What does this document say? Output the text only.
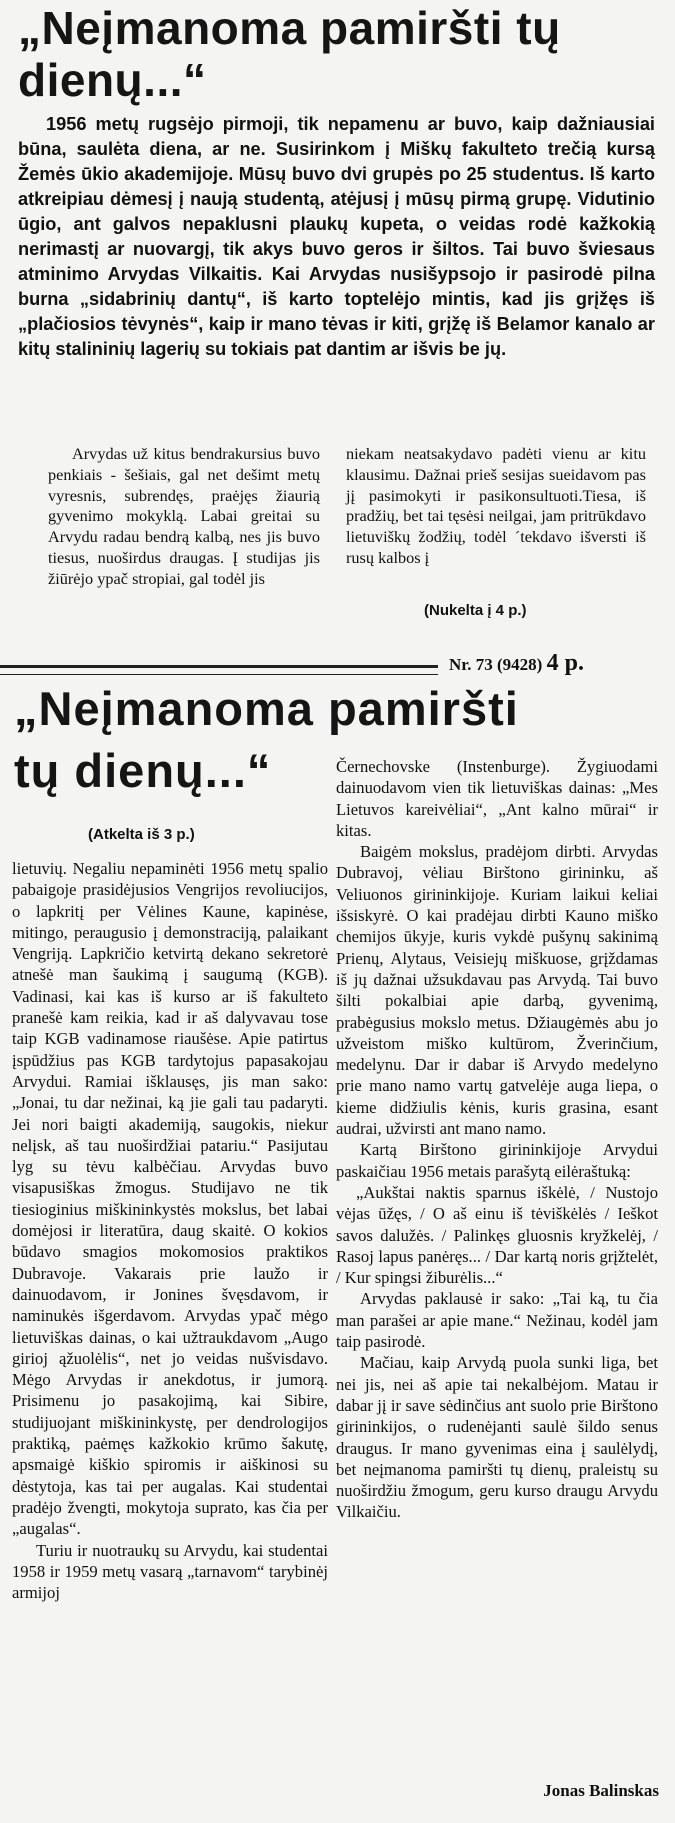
„Neįmanoma pamiršti tų dienų...“

1956 metų rugsėjo pirmoji, tik nepamenu ar buvo, kaip dažniausiai būna, saulėta diena, ar ne. Susirinkom į Miškų fakulteto trečią kursą Žemės ūkio akademijoje. Mūsų buvo dvi grupės po 25 studentus. Iš karto atkreipiau dėmesį į naują studentą, atėjusį į mūsų pirmą grupę. Vidutinio ūgio, ant galvos nepaklusni plaukų kupeta, o veidas rodė kažkokią nerimastį ar nuovargį, tik akys buvo geros ir šiltos. Tai buvo šviesaus atminimo Arvydas Vilkaitis. Kai Arvydas nusišypsojo ir pasirodė pilna burna „sidabrinių dantų“, iš karto toptelėjo mintis, kad jis grįžęs iš „plačiosios tėvynės“, kaip ir mano tėvas ir kiti, grįžę iš Belamor kanalo ar kitų stalininių lagerių su tokiais pat dantim ar išvis be jų.

Arvydas už kitus bendrakursius buvo penkiais - šešiais, gal net dešimt metų vyresnis, subrendęs, praėjęs žiaurią gyvenimo mokyklą. Labai greitai su Arvydu radau bendrą kalbą, nes jis buvo tiesus, nuoširdus draugas. Į studijas jis žiūrėjo ypač stropiai, gal todėl jis

niekam neatsakydavo padėti vienu ar kitu klausimu. Dažnai prieš sesijas sueidavom pas jį pasimokyti ir pasikonsultuoti.Tiesa, iš pradžių, bet tai tęsėsi neilgai, jam pritrūkdavo lietuviškų žodžių, todėl ´tekdavo išversti iš rusų kalbos į

(Nukelta į 4 p.)
Nr. 73 (9428) 4 p.
„Neįmanoma pamiršti
tų dienų...“
(Atkelta iš 3 p.)

lietuvių. Negaliu nepaminėti 1956 metų spalio pabaigoje prasidėjusios Vengrijos revoliucijos, o lapkritį per Vėlines Kaune, kapinėse, mitingo, peraugusio į demonstraciją, palaikant Vengriją. Lapkričio ketvirtą dekano sekretorė atnešė man šaukimą į saugumą (KGB). Vadinasi, kai kas iš kurso ar iš fakulteto pranešė kam reikia, kad ir aš dalyvavau tose taip KGB vadinamose riaušėse. Apie patirtus įspūdžius pas KGB tardytojus papasakojau Arvydui. Ramiai išklausęs, jis man sako: „Jonai, tu dar nežinai, ką jie gali tau padaryti. Jei nori baigti akademiją, saugokis, niekur nelįsk, aš tau nuoširdžiai patariu.“ Pasijutau lyg su tėvu kalbėčiau. Arvydas buvo visapusiškas žmogus. Studijavo ne tik tiesioginius miškininkystės mokslus, bet labai domėjosi ir literatūra, daug skaitė. O kokios būdavo smagios mokomosios praktikos Dubravoje. Vakarais prie laužo ir dainuodavom, ir Jonines švęsdavom, ir naminukės išgerdavom. Arvydas ypač mėgo lietuviškas dainas, o kai užtraukdavom „Augo girioj ąžuolėlis“, net jo veidas nušvisdavo. Mėgo Arvydas ir anekdotus, ir jumorą. Prisimenu jo pasakojimą, kai Sibire, studijuojant miškininkystę, per dendrologijos praktiką, paėmęs kažkokio krūmo šakutę, apsmaigė kiškio spiromis ir aiškinosi su dėstytoja, kas tai per augalas. Kai studentai pradėjo žvengti, mokytoja suprato, kas čia per „augalas“.

Turiu ir nuotraukų su Arvydu, kai studentai 1958 ir 1959 metų vasarą „tarnavom“ tarybinėj armijoj

Černechovske (Instenburge). Žygiuodami dainuodavom vien tik lietuviškas dainas: „Mes Lietuvos kareivėliai“, „Ant kalno mūrai“ ir kitas.

Baigėm mokslus, pradėjom dirbti. Arvydas Dubravoj, vėliau Birštono girininku, aš Veliuonos girininkijoje. Kuriam laikui keliai išsiskyrė. O kai pradėjau dirbti Kauno miško chemijos ūkyje, kuris vykdė pušynų sakinimą Prienų, Alytaus, Veisiejų miškuose, grįždamas iš jų dažnai užsukdavau pas Arvydą. Tai buvo šilti pokalbiai apie darbą, gyvenimą, prabėgusius mokslo metus. Džiaugėmės abu jo užveistom miško kultūrom, Žverinčium, medelynu. Dar ir dabar iš Arvydo medelyno prie mano namo vartų gatvelėje auga liepa, o kieme didžiulis kėnis, kuris grasina, esant audrai, užvirsti ant mano namo.

Kartą Birštono girininkijoje Arvydui paskaičiau 1956 metais parašytą eilėraštuką:

„Aukštai naktis sparnus iškėlė, / Nustojo vėjas ūžęs, / O aš einu iš tėviškėlės / Ieškot savos dalužės. / Palinkęs gluosnis kryžkelėj, / Rasoj lapus panėręs... / Dar kartą noris grįžtelėt, / Kur spingsi žiburėlis...“

Arvydas paklausė ir sako: „Tai ką, tu čia man parašei ar apie mane.“ Nežinau, kodėl jam taip pasirodė.

Mačiau, kaip Arvydą puola sunki liga, bet nei jis, nei aš apie tai nekalbėjom. Matau ir dabar jį ir save sėdinčius ant suolo prie Birštono girininkijos, o rudenėjanti saulė šildo senus draugus. Ir mano gyvenimas eina į saulėlydį, bet neįmanoma pamiršti tų dienų, praleistų su nuoširdžiu žmogum, geru kurso draugu Arvydu Vilkaičiu.

Jonas Balinskas
